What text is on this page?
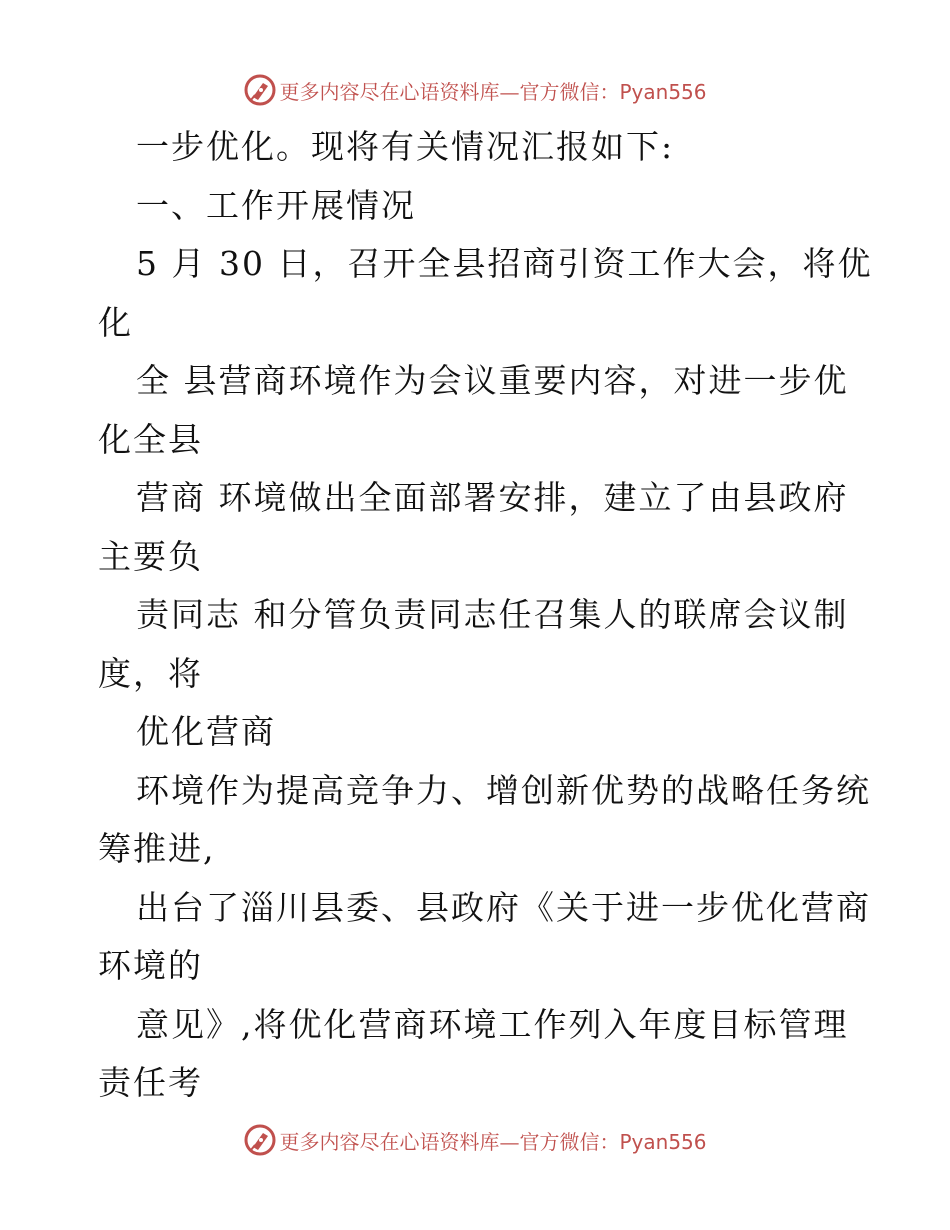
更多内容尽在心语资料库—官方微信：Pyan556
一步优化。现将有关情况汇报如下:
一、工作开展情况
5 月 30 日，召开全县招商引资工作大会，将优
化
全 县营商环境作为会议重要内容，对进一步优
化全县
营商 环境做出全面部署安排，建立了由县政府
主要负
责同志 和分管负责同志任召集人的联席会议制
度，将
优化营商
环境作为提高竞争力、增创新优势的战略任务统
筹推进,
出台了淄川县委、县政府《关于进一步优化营商
环境的
意见》,将优化营商环境工作列入年度目标管理
责任考
更多内容尽在心语资料库—官方微信：Pyan556
